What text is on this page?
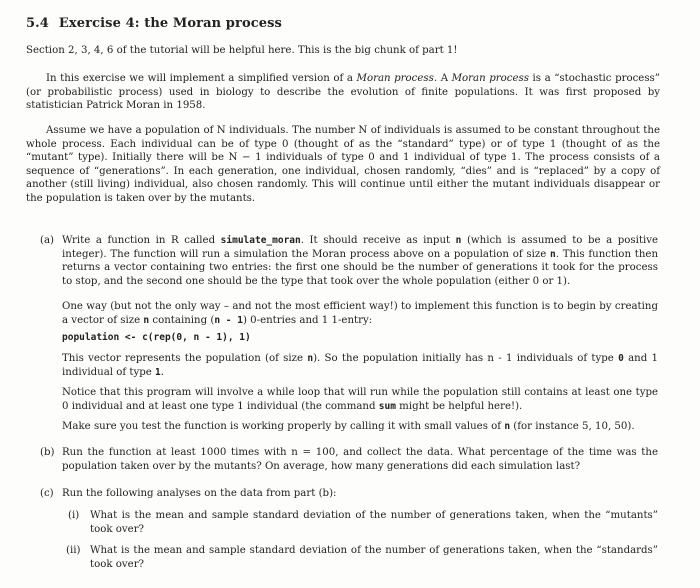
5.4 Exercise 4: the Moran process
Section 2, 3, 4, 6 of the tutorial will be helpful here. This is the big chunk of part 1!
In this exercise we will implement a simplified version of a Moran process. A Moran process is a “stochastic process” (or probabilistic process) used in biology to describe the evolution of finite populations. It was first proposed by statistician Patrick Moran in 1958.
Assume we have a population of N individuals. The number N of individuals is assumed to be constant throughout the whole process. Each individual can be of type 0 (thought of as the “standard” type) or of type 1 (thought of as the “mutant” type). Initially there will be N − 1 individuals of type 0 and 1 individual of type 1. The process consists of a sequence of “generations”. In each generation, one individual, chosen randomly, “dies” and is “replaced” by a copy of another (still living) individual, also chosen randomly. This will continue until either the mutant individuals disappear or the population is taken over by the mutants.
(a) Write a function in R called simulate_moran. It should receive as input n (which is assumed to be a positive integer). The function will run a simulation the Moran process above on a population of size n. This function then returns a vector containing two entries: the first one should be the number of generations it took for the process to stop, and the second one should be the type that took over the whole population (either 0 or 1).
One way (but not the only way – and not the most efficient way!) to implement this function is to begin by creating a vector of size n containing (n - 1) 0-entries and 1 1-entry:
population <- c(rep(0, n - 1), 1)
This vector represents the population (of size n). So the population initially has n - 1 individuals of type 0 and 1 individual of type 1.
Notice that this program will involve a while loop that will run while the population still contains at least one type 0 individual and at least one type 1 individual (the command sum might be helpful here!).
Make sure you test the function is working properly by calling it with small values of n (for instance 5, 10, 50).
(b) Run the function at least 1000 times with n = 100, and collect the data. What percentage of the time was the population taken over by the mutants? On average, how many generations did each simulation last?
(c) Run the following analyses on the data from part (b):
(i) What is the mean and sample standard deviation of the number of generations taken, when the “mutants” took over?
(ii) What is the mean and sample standard deviation of the number of generations taken, when the “standards” took over?
